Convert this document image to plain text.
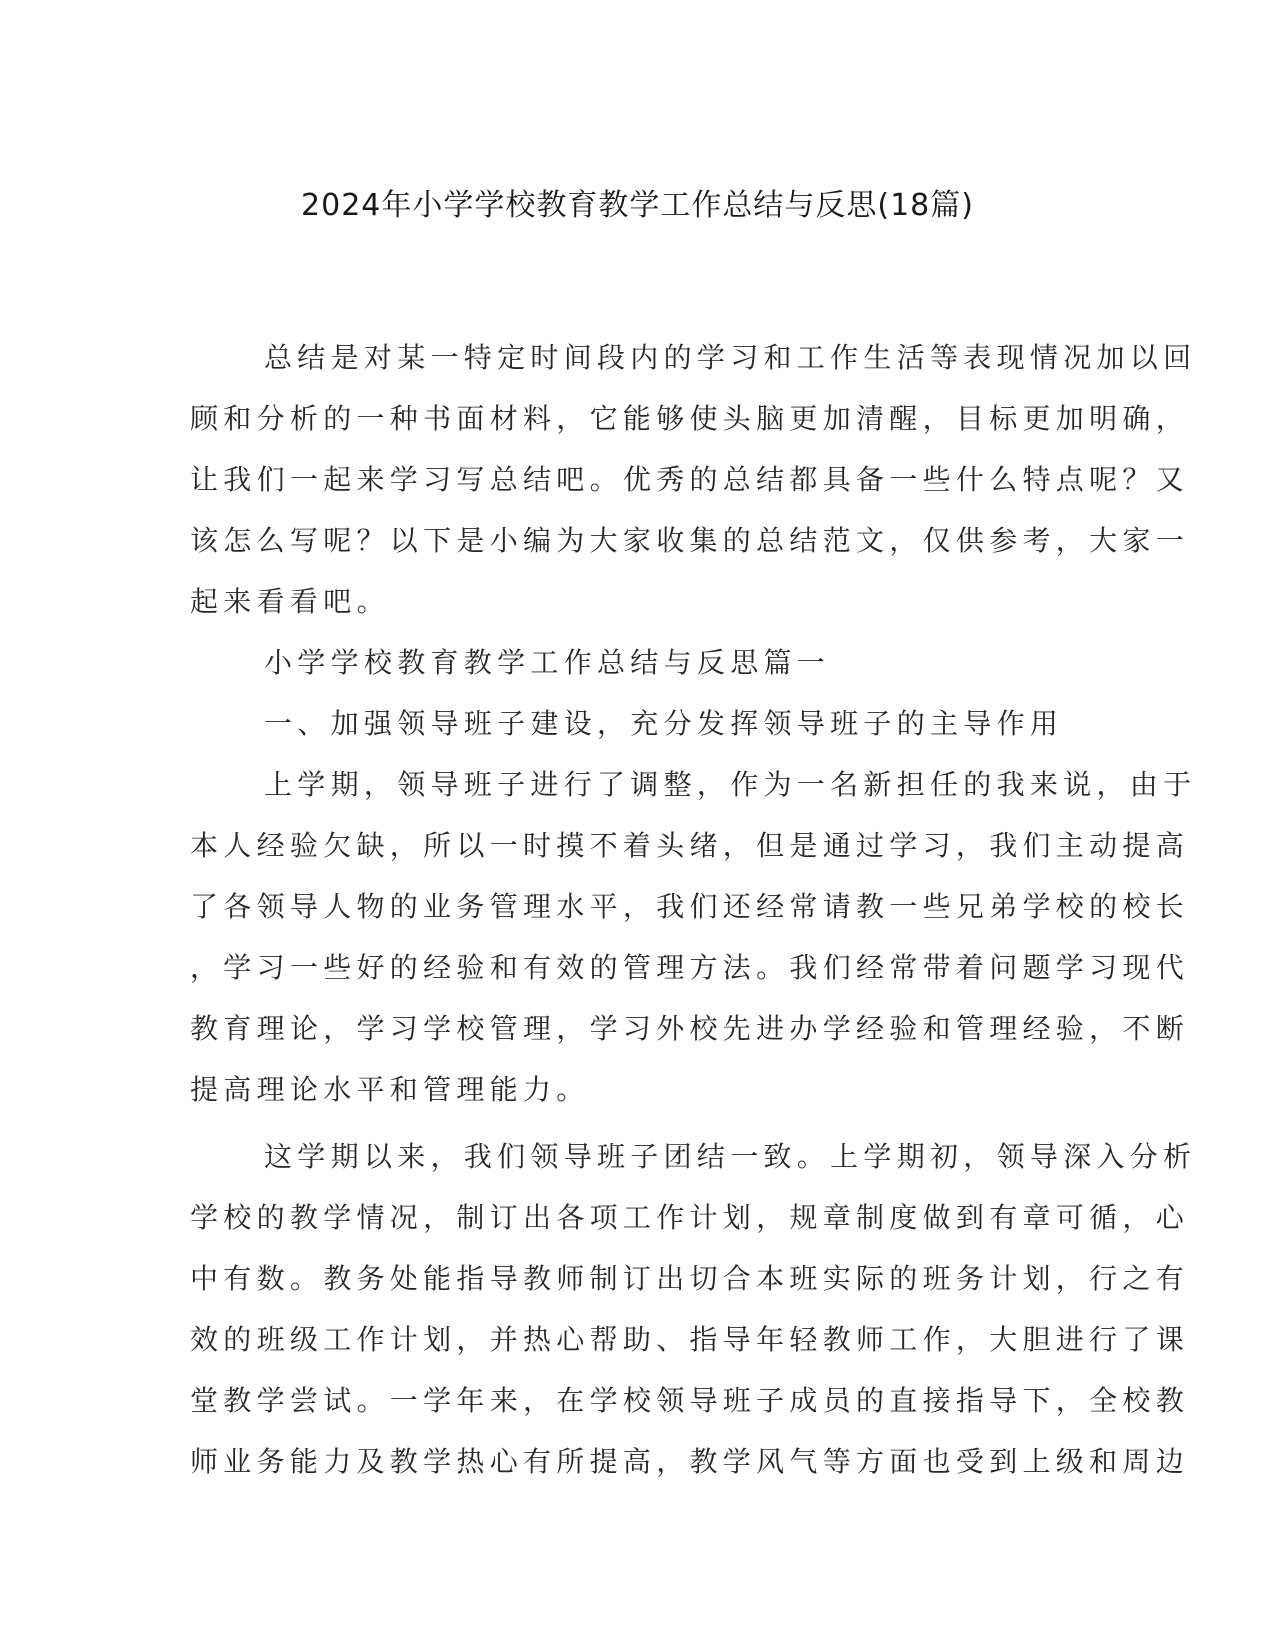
2024年小学学校教育教学工作总结与反思(18篇)
总结是对某一特定时间段内的学习和工作生活等表现情况加以回
顾和分析的一种书面材料，它能够使头脑更加清醒，目标更加明确，
让我们一起来学习写总结吧。优秀的总结都具备一些什么特点呢？又
该怎么写呢？以下是小编为大家收集的总结范文，仅供参考，大家一
起来看看吧。
小学学校教育教学工作总结与反思篇一
一、加强领导班子建设，充分发挥领导班子的主导作用
上学期，领导班子进行了调整，作为一名新担任的我来说，由于
本人经验欠缺，所以一时摸不着头绪，但是通过学习，我们主动提高
了各领导人物的业务管理水平，我们还经常请教一些兄弟学校的校长
，学习一些好的经验和有效的管理方法。我们经常带着问题学习现代
教育理论，学习学校管理，学习外校先进办学经验和管理经验，不断
提高理论水平和管理能力。
这学期以来，我们领导班子团结一致。上学期初，领导深入分析
学校的教学情况，制订出各项工作计划，规章制度做到有章可循，心
中有数。教务处能指导教师制订出切合本班实际的班务计划，行之有
效的班级工作计划，并热心帮助、指导年轻教师工作，大胆进行了课
堂教学尝试。一学年来，在学校领导班子成员的直接指导下，全校教
师业务能力及教学热心有所提高，教学风气等方面也受到上级和周边
